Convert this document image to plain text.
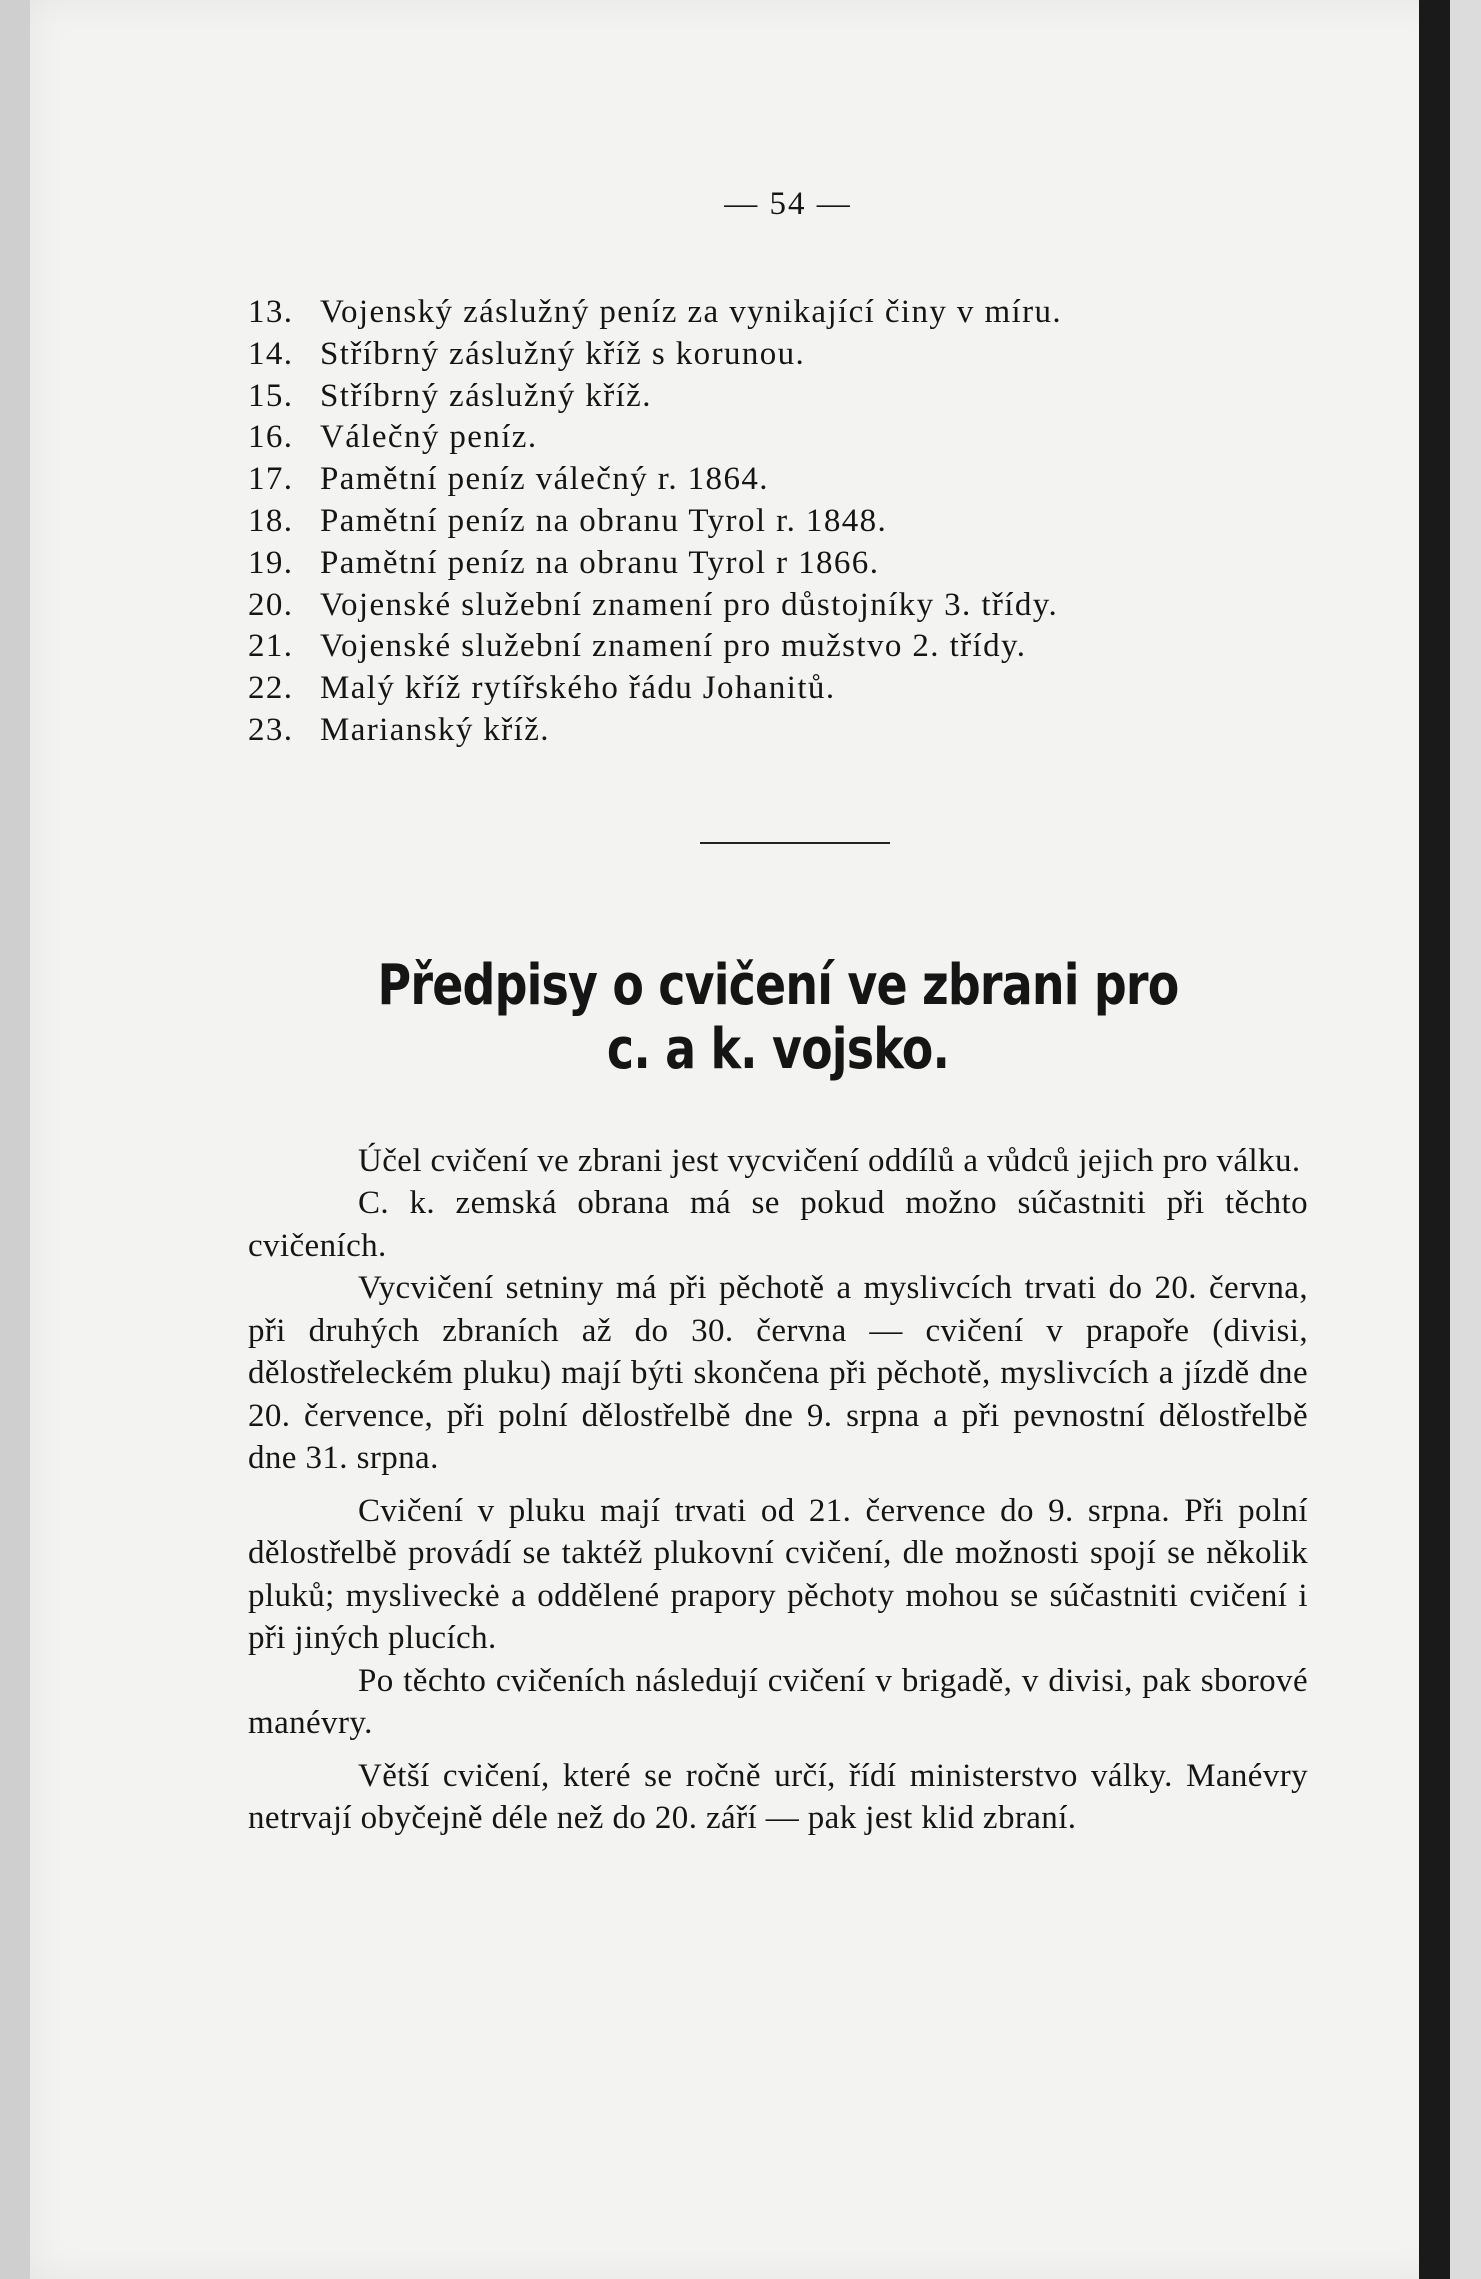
— 54 —
13. Vojenský záslužný peníz za vynikající činy v míru.
14. Stříbrný záslužný kříž s korunou.
15. Stříbrný záslužný kříž.
16. Válečný peníz.
17. Pamětní peníz válečný r. 1864.
18. Pamětní peníz na obranu Tyrol r. 1848.
19. Pamětní peníz na obranu Tyrol r 1866.
20. Vojenské služební znamení pro důstojníky 3. třídy.
21. Vojenské služební znamení pro mužstvo 2. třídy.
22. Malý kříž rytířského řádu Johanitů.
23. Marianský kříž.
Předpisy o cvičení ve zbrani pro
c. a k. vojsko.

Účel cvičení ve zbrani jest vycvičení oddílů a vůdců jejich pro válku.

C. k. zemská obrana má se pokud možno súčastniti při těchto cvičeních.

Vycvičení setniny má při pěchotě a myslivcích trvati do 20. června, při druhých zbraních až do 30. června — cvičení v prapoře (divisi, dělostřeleckém pluku) mají býti skončena při pěchotě, myslivcích a jízdě dne 20. července, při polní dělostřelbě dne 9. srpna a při pevnostní dělostřelbě dne 31. srpna.

Cvičení v pluku mají trvati od 21. července do 9. srpna. Při polní dělostřelbě provádí se taktéž plukovní cvičení, dle možnosti spojí se několik pluků; mysliveckė a oddělené prapory pěchoty mohou se súčastniti cvičení i při jiných plucích.

Po těchto cvičeních následují cvičení v brigadě, v divisi, pak sborové manévry.

Větší cvičení, které se ročně určí, řídí ministerstvo války. Manévry netrvají obyčejně déle než do 20. září — pak jest klid zbraní.
